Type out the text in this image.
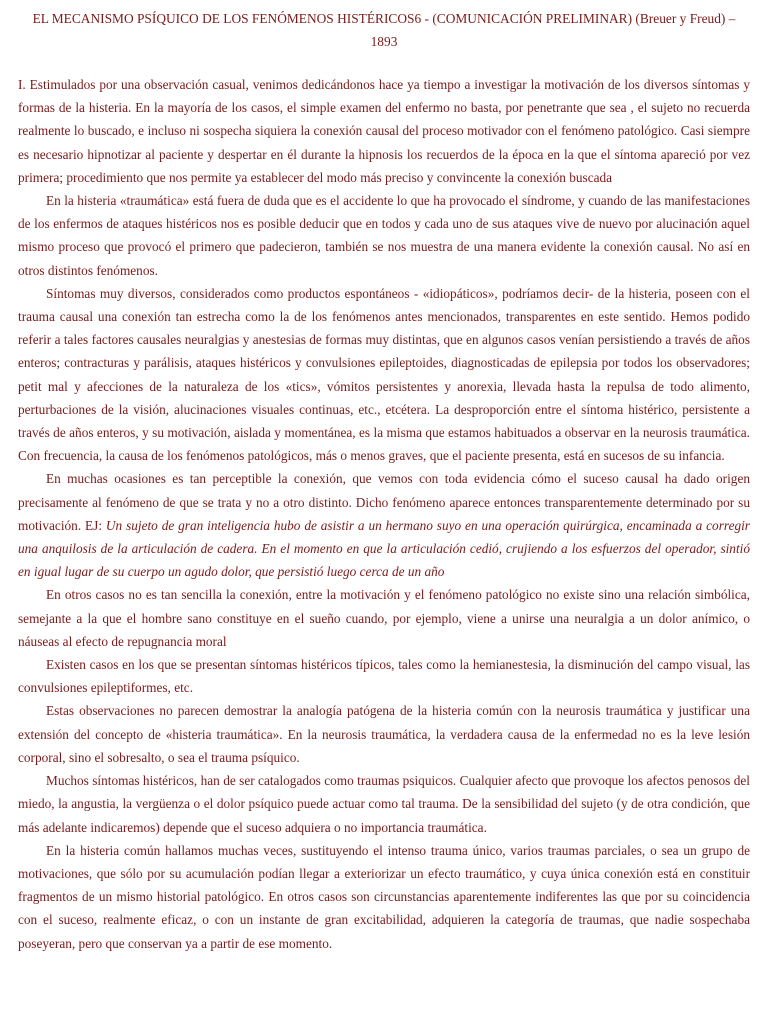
EL MECANISMO PSÍQUICO DE LOS FENÓMENOS HISTÉRICOS6 - (COMUNICACIÓN PRELIMINAR) (Breuer y Freud) – 1893

I. Estimulados por una observación casual, venimos dedicándonos hace ya tiempo a investigar la motivación de los diversos síntomas y formas de la histeria. En la mayoría de los casos, el simple examen del enfermo no basta, por penetrante que sea , el sujeto no recuerda realmente lo buscado, e incluso ni sospecha siquiera la conexión causal del proceso motivador con el fenómeno patológico. Casi siempre es necesario hipnotizar al paciente y despertar en él durante la hipnosis los recuerdos de la época en la que el síntoma apareció por vez primera; procedimiento que nos permite ya establecer del modo más preciso y convincente la conexión buscada

En la histeria «traumática» está fuera de duda que es el accidente lo que ha provocado el síndrome, y cuando de las manifestaciones de los enfermos de ataques histéricos nos es posible deducir que en todos y cada uno de sus ataques vive de nuevo por alucinación aquel mismo proceso que provocó el primero que padecieron, también se nos muestra de una manera evidente la conexión causal. No así en otros distintos fenómenos.

Síntomas muy diversos, considerados como productos espontáneos - «idiopáticos», podríamos decir- de la histeria, poseen con el trauma causal una conexión tan estrecha como la de los fenómenos antes mencionados, transparentes en este sentido. Hemos podido referir a tales factores causales neuralgias y anestesias de formas muy distintas, que en algunos casos venían persistiendo a través de años enteros; contracturas y parálisis, ataques histéricos y convulsiones epileptoides, diagnosticadas de epilepsia por todos los observadores; petit mal y afecciones de la naturaleza de los «tics», vómitos persistentes y anorexia, llevada hasta la repulsa de todo alimento, perturbaciones de la visión, alucinaciones visuales continuas, etc., etcétera. La desproporción entre el síntoma histérico, persistente a través de años enteros, y su motivación, aislada y momentánea, es la misma que estamos habituados a observar en la neurosis traumática. Con frecuencia, la causa de los fenómenos patológicos, más o menos graves, que el paciente presenta, está en sucesos de su infancia.

En muchas ocasiones es tan perceptible la conexión, que vemos con toda evidencia cómo el suceso causal ha dado origen precisamente al fenómeno de que se trata y no a otro distinto. Dicho fenómeno aparece entonces transparentemente determinado por su motivación. EJ: Un sujeto de gran inteligencia hubo de asistir a un hermano suyo en una operación quirúrgica, encaminada a corregir una anquilosis de la articulación de cadera. En el momento en que la articulación cedió, crujiendo a los esfuerzos del operador, sintió en igual lugar de su cuerpo un agudo dolor, que persistió luego cerca de un año

En otros casos no es tan sencilla la conexión, entre la motivación y el fenómeno patológico no existe sino una relación simbólica, semejante a la que el hombre sano constituye en el sueño cuando, por ejemplo, viene a unirse una neuralgia a un dolor anímico, o náuseas al efecto de repugnancia moral

Existen casos en los que se presentan síntomas histéricos típicos, tales como la hemianestesia, la disminución del campo visual, las convulsiones epileptiformes, etc.

Estas observaciones no parecen demostrar la analogía patógena de la histeria común con la neurosis traumática y justificar una extensión del concepto de «histeria traumática». En la neurosis traumática, la verdadera causa de la enfermedad no es la leve lesión corporal, sino el sobresalto, o sea el trauma psíquico.

Muchos síntomas histéricos, han de ser catalogados como traumas psiquicos. Cualquier afecto que provoque los afectos penosos del miedo, la angustia, la vergüenza o el dolor psíquico puede actuar como tal trauma. De la sensibilidad del sujeto (y de otra condición, que más adelante indicaremos) depende que el suceso adquiera o no importancia traumática.

En la histeria común hallamos muchas veces, sustituyendo el intenso trauma único, varios traumas parciales, o sea un grupo de motivaciones, que sólo por su acumulación podían llegar a exteriorizar un efecto traumático, y cuya única conexión está en constituir fragmentos de un mismo historial patológico. En otros casos son circunstancias aparentemente indiferentes las que por su coincidencia con el suceso, realmente eficaz, o con un instante de gran excitabilidad, adquieren la categoría de traumas, que nadie sospechaba poseyeran, pero que conservan ya a partir de ese momento.
